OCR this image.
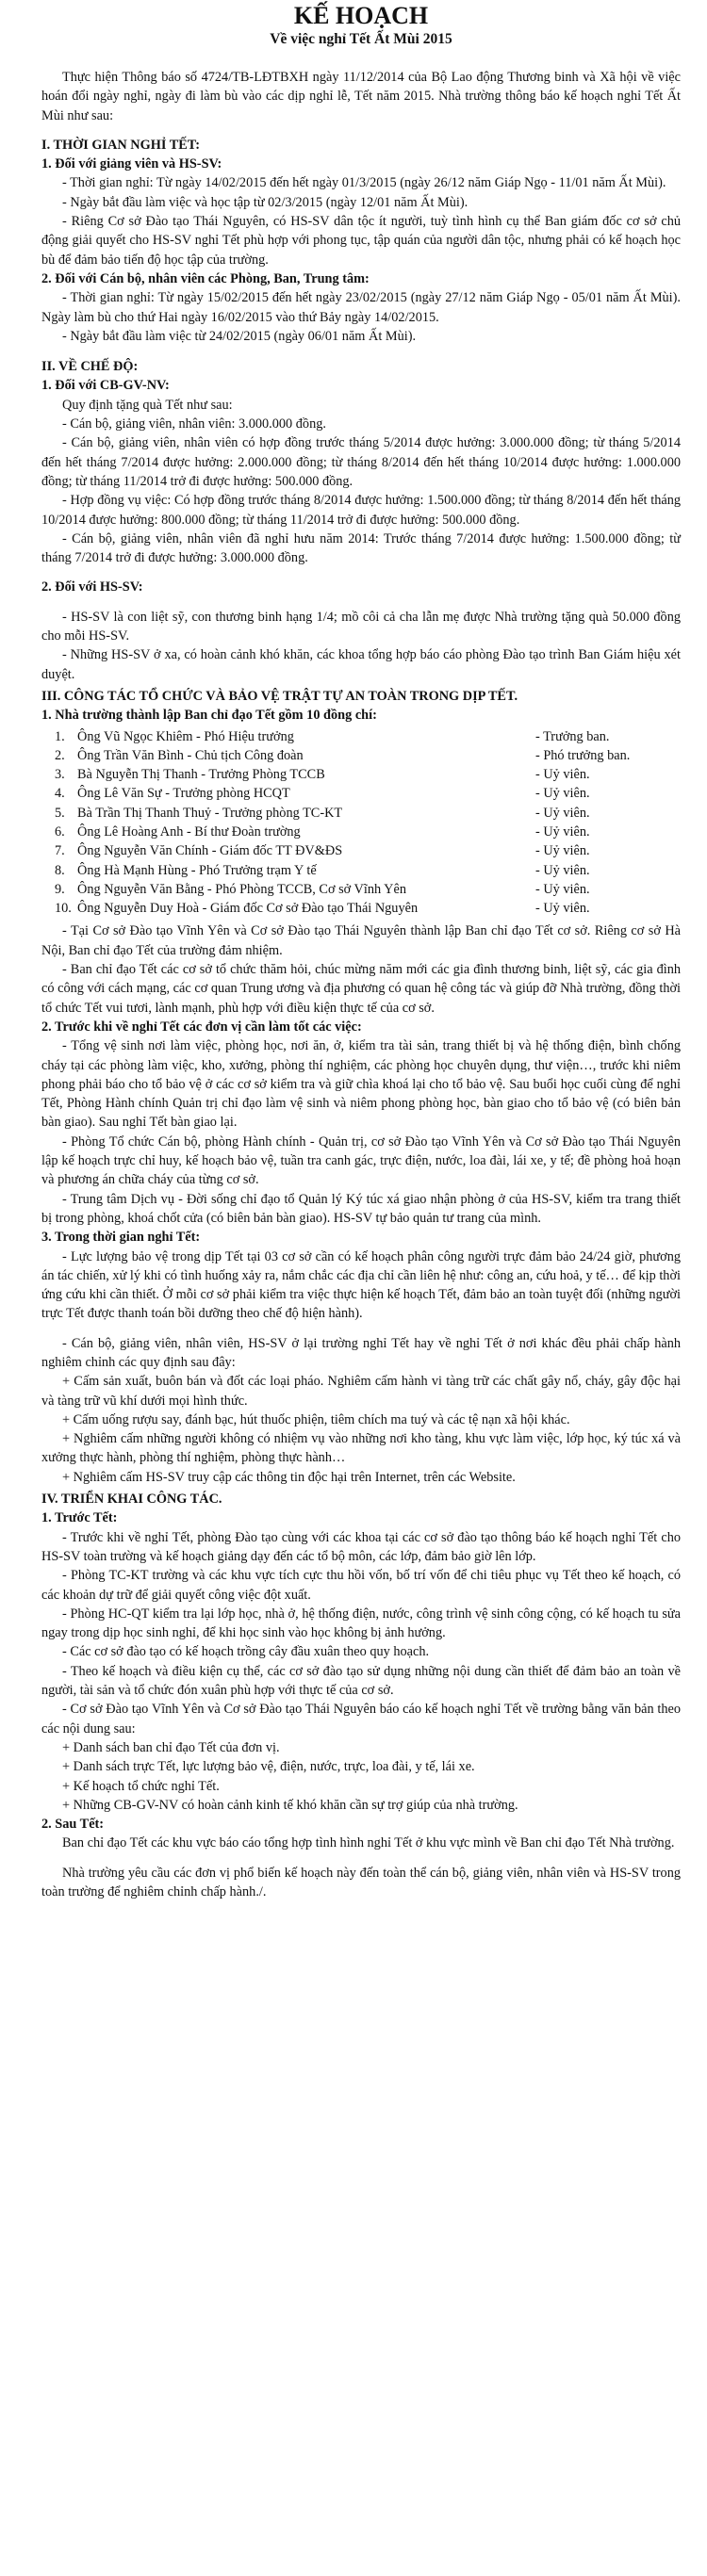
KẾ HOẠCH
Về việc nghỉ Tết Ất Mùi 2015

Thực hiện Thông báo số 4724/TB-LĐTBXH ngày 11/12/2014 của Bộ Lao động Thương binh và Xã hội về việc hoán đổi ngày nghỉ, ngày đi làm bù vào các dịp nghỉ lễ, Tết năm 2015. Nhà trường thông báo kế hoạch nghỉ Tết Ất Mùi như sau:

I. THỜI GIAN NGHỈ TẾT:
1. Đối với giảng viên và HS-SV:

- Thời gian nghỉ: Từ ngày 14/02/2015 đến hết ngày 01/3/2015 (ngày 26/12 năm Giáp Ngọ - 11/01 năm Ất Mùi).

- Ngày bắt đầu làm việc và học tập từ 02/3/2015 (ngày 12/01 năm Ất Mùi).

- Riêng Cơ sở Đào tạo Thái Nguyên, có HS-SV dân tộc ít người, tuỳ tình hình cụ thể Ban giám đốc cơ sở chủ động giải quyết cho HS-SV nghỉ Tết phù hợp với phong tục, tập quán của người dân tộc, nhưng phải có kế hoạch học bù để đảm bảo tiến độ học tập của trường.

2. Đối với Cán bộ, nhân viên các Phòng, Ban, Trung tâm:

- Thời gian nghỉ: Từ ngày 15/02/2015 đến hết ngày 23/02/2015 (ngày 27/12 năm Giáp Ngọ - 05/01 năm Ất Mùi). Ngày làm bù cho thứ Hai ngày 16/02/2015 vào thứ Bảy ngày 14/02/2015.

- Ngày bắt đầu làm việc từ 24/02/2015 (ngày 06/01 năm Ất Mùi).

II. VỀ CHẾ ĐỘ:
1. Đối với CB-GV-NV:

Quy định tặng quà Tết như sau:

- Cán bộ, giảng viên, nhân viên: 3.000.000 đồng.

- Cán bộ, giảng viên, nhân viên có hợp đồng trước tháng 5/2014 được hưởng: 3.000.000 đồng; từ tháng 5/2014 đến hết tháng 7/2014 được hưởng: 2.000.000 đồng; từ tháng 8/2014 đến hết tháng 10/2014 được hưởng: 1.000.000 đồng; từ tháng 11/2014 trở đi được hưởng: 500.000 đồng.

- Hợp đồng vụ việc: Có hợp đồng trước tháng 8/2014 được hưởng: 1.500.000 đồng; từ tháng 8/2014 đến hết tháng 10/2014 được hưởng: 800.000 đồng; từ tháng 11/2014 trở đi được hưởng: 500.000 đồng.

- Cán bộ, giảng viên, nhân viên đã nghỉ hưu năm 2014: Trước tháng 7/2014 được hưởng: 1.500.000 đồng; từ tháng 7/2014 trở đi được hưởng: 3.000.000 đồng.

2. Đối với HS-SV:

- HS-SV là con liệt sỹ, con thương binh hạng 1/4; mồ côi cả cha lẫn mẹ được Nhà trường tặng quà 50.000 đồng cho mỗi HS-SV.

- Những HS-SV ở xa, có hoàn cảnh khó khăn, các khoa tổng hợp báo cáo phòng Đào tạo trình Ban Giám hiệu xét duyệt.

III. CÔNG TÁC TỔ CHỨC VÀ BẢO VỆ TRẬT TỰ AN TOÀN TRONG DỊP TẾT.
1. Nhà trường thành lập Ban chỉ đạo Tết gồm 10 đồng chí:
1.	Ông Vũ Ngọc Khiêm - Phó Hiệu trưởng	- Trưởng ban.
2.	Ông Trần Văn Bình - Chủ tịch Công đoàn	- Phó trưởng ban.
3.	Bà Nguyễn Thị Thanh - Trưởng Phòng TCCB	- Uỷ viên.
4.	Ông Lê Văn Sự - Trưởng phòng HCQT	- Uỷ viên.
5.	Bà Trần Thị Thanh Thuỷ - Trưởng phòng TC-KT	- Uỷ viên.
6.	Ông Lê Hoàng Anh - Bí thư Đoàn trường	- Uỷ viên.
7.	Ông Nguyễn Văn Chính - Giám đốc TT ĐV&ĐS	- Uỷ viên.
8.	Ông Hà Mạnh Hùng - Phó Trưởng trạm Y tế	- Uỷ viên.
9.	Ông Nguyễn Văn Bằng - Phó Phòng TCCB, Cơ sở Vĩnh Yên	- Uỷ viên.
10.	Ông Nguyễn Duy Hoà - Giám đốc Cơ sở Đào tạo Thái Nguyên	- Uỷ viên.

- Tại Cơ sở Đào tạo Vĩnh Yên và Cơ sở Đào tạo Thái Nguyên thành lập Ban chỉ đạo Tết cơ sở. Riêng cơ sở Hà Nội, Ban chỉ đạo Tết của trường đảm nhiệm.

- Ban chỉ đạo Tết các cơ sở tổ chức thăm hỏi, chúc mừng năm mới các gia đình thương binh, liệt sỹ, các gia đình có công với cách mạng, các cơ quan Trung ương và địa phương có quan hệ công tác và giúp đỡ Nhà trường, đồng thời tổ chức Tết vui tươi, lành mạnh, phù hợp với điều kiện thực tế của cơ sở.

2. Trước khi về nghỉ Tết các đơn vị cần làm tốt các việc:

- Tổng vệ sinh nơi làm việc, phòng học, nơi ăn, ở, kiểm tra tài sản, trang thiết bị và hệ thống điện, bình chống cháy tại các phòng làm việc, kho, xưởng, phòng thí nghiệm, các phòng học chuyên dụng, thư viện…, trước khi niêm phong phải báo cho tổ bảo vệ ở các cơ sở kiểm tra và giữ chìa khoá lại cho tổ bảo vệ. Sau buổi học cuối cùng để nghỉ Tết, Phòng Hành chính Quản trị chỉ đạo làm vệ sinh và niêm phong phòng học, bàn giao cho tổ bảo vệ (có biên bản bàn giao). Sau nghỉ Tết bàn giao lại.

- Phòng Tổ chức Cán bộ, phòng Hành chính - Quản trị, cơ sở Đào tạo Vĩnh Yên và Cơ sở Đào tạo Thái Nguyên lập kế hoạch trực chỉ huy, kế hoạch bảo vệ, tuần tra canh gác, trực điện, nước, loa đài, lái xe, y tế; đề phòng hoả hoạn và phương án chữa cháy của từng cơ sở.

- Trung tâm Dịch vụ - Đời sống chỉ đạo tổ Quản lý Ký túc xá giao nhận phòng ở của HS-SV, kiểm tra trang thiết bị trong phòng, khoá chốt cửa (có biên bản bàn giao). HS-SV tự bảo quản tư trang của mình.

3. Trong thời gian nghỉ Tết:

- Lực lượng bảo vệ trong dịp Tết tại 03 cơ sở cần có kế hoạch phân công người trực đảm bảo 24/24 giờ, phương án tác chiến, xử lý khi có tình huống xảy ra, nắm chắc các địa chỉ cần liên hệ như: công an, cứu hoả, y tế… để kịp thời ứng cứu khi cần thiết. Ở mỗi cơ sở phải kiểm tra việc thực hiện kế hoạch Tết, đảm bảo an toàn tuyệt đối (những người trực Tết được thanh toán bồi dưỡng theo chế độ hiện hành).

- Cán bộ, giảng viên, nhân viên, HS-SV ở lại trường nghỉ Tết hay về nghỉ Tết ở nơi khác đều phải chấp hành nghiêm chỉnh các quy định sau đây:

+ Cấm sản xuất, buôn bán và đốt các loại pháo. Nghiêm cấm hành vi tàng trữ các chất gây nổ, cháy, gây độc hại và tàng trữ vũ khí dưới mọi hình thức.

+ Cấm uống rượu say, đánh bạc, hút thuốc phiện, tiêm chích ma tuý và các tệ nạn xã hội khác.

+ Nghiêm cấm những người không có nhiệm vụ vào những nơi kho tàng, khu vực làm việc, lớp học, ký túc xá và xưởng thực hành, phòng thí nghiệm, phòng thực hành…

+ Nghiêm cấm HS-SV truy cập các thông tin độc hại trên Internet, trên các Website.

IV. TRIỂN KHAI CÔNG TÁC.
1. Trước Tết:

- Trước khi về nghỉ Tết, phòng Đào tạo cùng với các khoa tại các cơ sở đào tạo thông báo kế hoạch nghỉ Tết cho HS-SV toàn trường và kế hoạch giảng dạy đến các tổ bộ môn, các lớp, đảm bảo giờ lên lớp.

- Phòng TC-KT trường và các khu vực tích cực thu hồi vốn, bố trí vốn để chi tiêu phục vụ Tết theo kế hoạch, có các khoản dự trữ để giải quyết công việc đột xuất.

- Phòng HC-QT kiểm tra lại lớp học, nhà ở, hệ thống điện, nước, công trình vệ sinh công cộng, có kế hoạch tu sửa ngay trong dịp học sinh nghỉ, để khi học sinh vào học không bị ảnh hưởng.

- Các cơ sở đào tạo có kế hoạch trồng cây đầu xuân theo quy hoạch.

- Theo kế hoạch và điều kiện cụ thể, các cơ sở đào tạo sử dụng những nội dung cần thiết để đảm bảo an toàn về người, tài sản và tổ chức đón xuân phù hợp với thực tế của cơ sở.

- Cơ sở Đào tạo Vĩnh Yên và Cơ sở Đào tạo Thái Nguyên báo cáo kế hoạch nghỉ Tết về trường bằng văn bản theo các nội dung sau:

+ Danh sách ban chỉ đạo Tết của đơn vị.

+ Danh sách trực Tết, lực lượng bảo vệ, điện, nước, trực, loa đài, y tế, lái xe.

+ Kế hoạch tổ chức nghỉ Tết.

+ Những CB-GV-NV có hoàn cảnh kinh tế khó khăn cần sự trợ giúp của nhà trường.

2. Sau Tết:

Ban chỉ đạo Tết các khu vực báo cáo tổng hợp tình hình nghỉ Tết ở khu vực mình về Ban chỉ đạo Tết Nhà trường.

Nhà trường yêu cầu các đơn vị phổ biến kế hoạch này đến toàn thể cán bộ, giảng viên, nhân viên và HS-SV trong toàn trường để nghiêm chỉnh chấp hành./.
